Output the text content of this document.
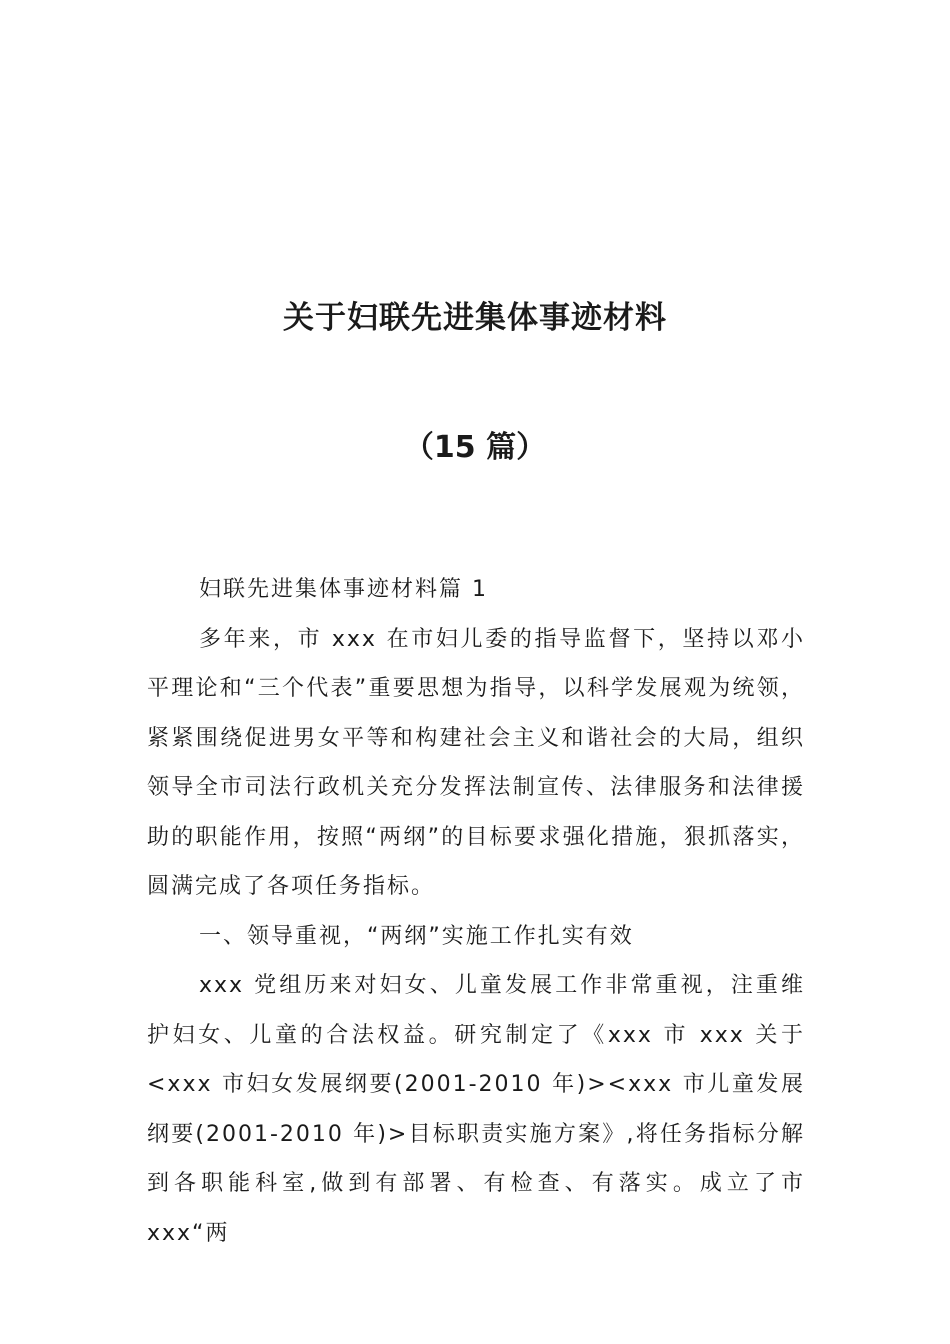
关于妇联先进集体事迹材料
（15 篇）

妇联先进集体事迹材料篇 1

多年来，市 xxx 在市妇儿委的指导监督下，坚持以邓小平理论和“三个代表”重要思想为指导，以科学发展观为统领，紧紧围绕促进男女平等和构建社会主义和谐社会的大局，组织领导全市司法行政机关充分发挥法制宣传、法律服务和法律援助的职能作用，按照“两纲”的目标要求强化措施，狠抓落实，圆满完成了各项任务指标。

一、领导重视，“两纲”实施工作扎实有效

xxx 党组历来对妇女、儿童发展工作非常重视，注重维护妇女、儿童的合法权益。研究制定了《xxx 市 xxx 关于<xxx 市妇女发展纲要(2001-2010 年)><xxx 市儿童发展纲要(2001-2010 年)>目标职责实施方案》,将任务指标分解到各职能科室,做到有部署、有检查、有落实。成立了市 xxx“两
